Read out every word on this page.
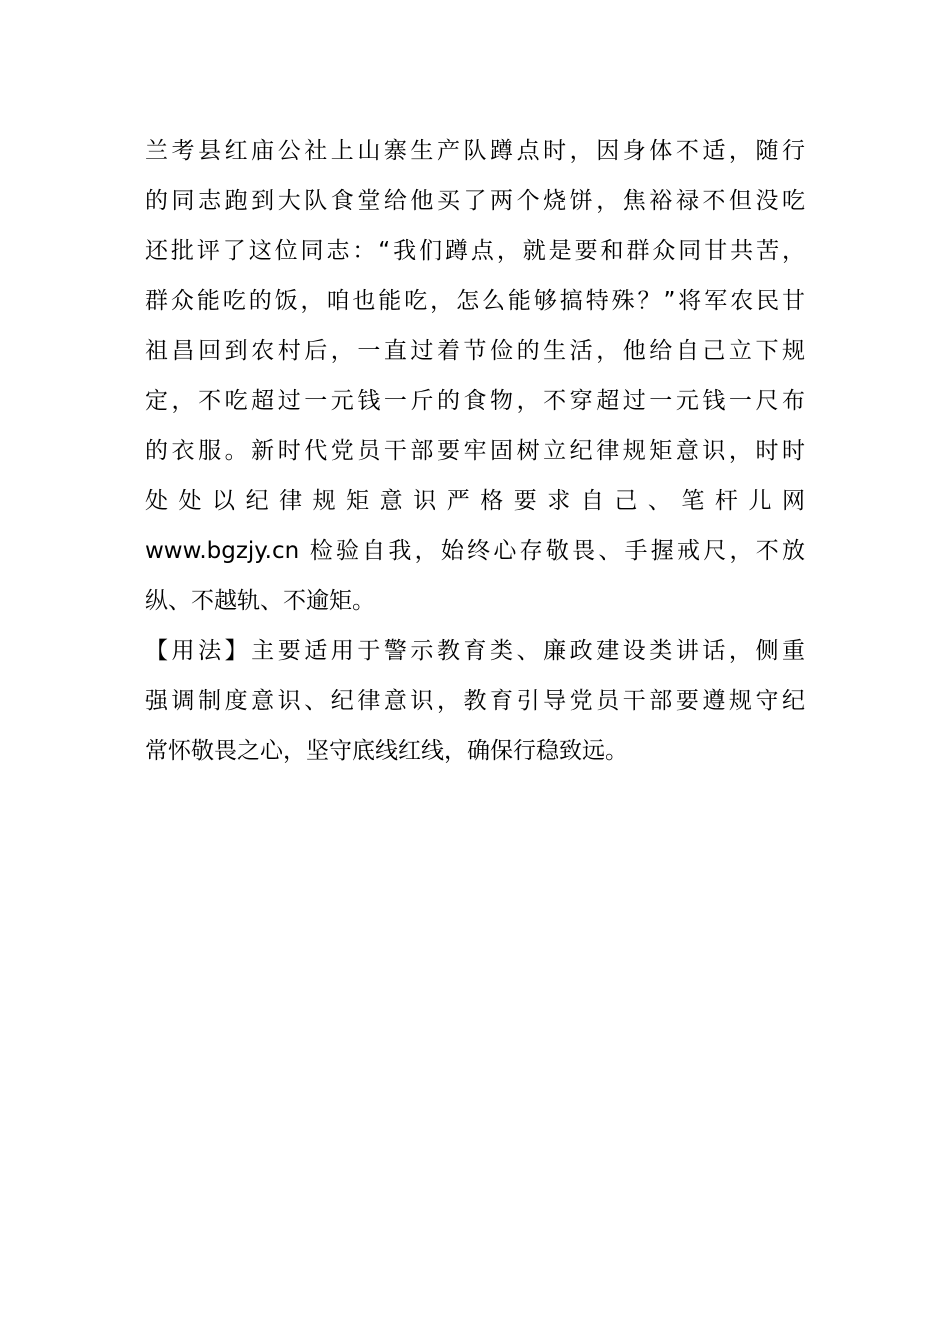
兰考县红庙公社上山寨生产队蹲点时，因身体不适，随行
的同志跑到大队食堂给他买了两个烧饼，焦裕禄不但没吃
还批评了这位同志：“我们蹲点，就是要和群众同甘共苦，
群众能吃的饭，咱也能吃，怎么能够搞特殊？”将军农民甘
祖昌回到农村后，一直过着节俭的生活，他给自己立下规
定，不吃超过一元钱一斤的食物，不穿超过一元钱一尺布
的衣服。新时代党员干部要牢固树立纪律规矩意识，时时
处 处 以 纪 律 规 矩 意 识 严 格 要 求 自 己 、 笔 杆 儿 网
www.bgzjy.cn 检验自我，始终心存敬畏、手握戒尺，不放
纵、不越轨、不逾矩。
【用法】主要适用于警示教育类、廉政建设类讲话，侧重
强调制度意识、纪律意识，教育引导党员干部要遵规守纪
常怀敬畏之心，坚守底线红线，确保行稳致远。
